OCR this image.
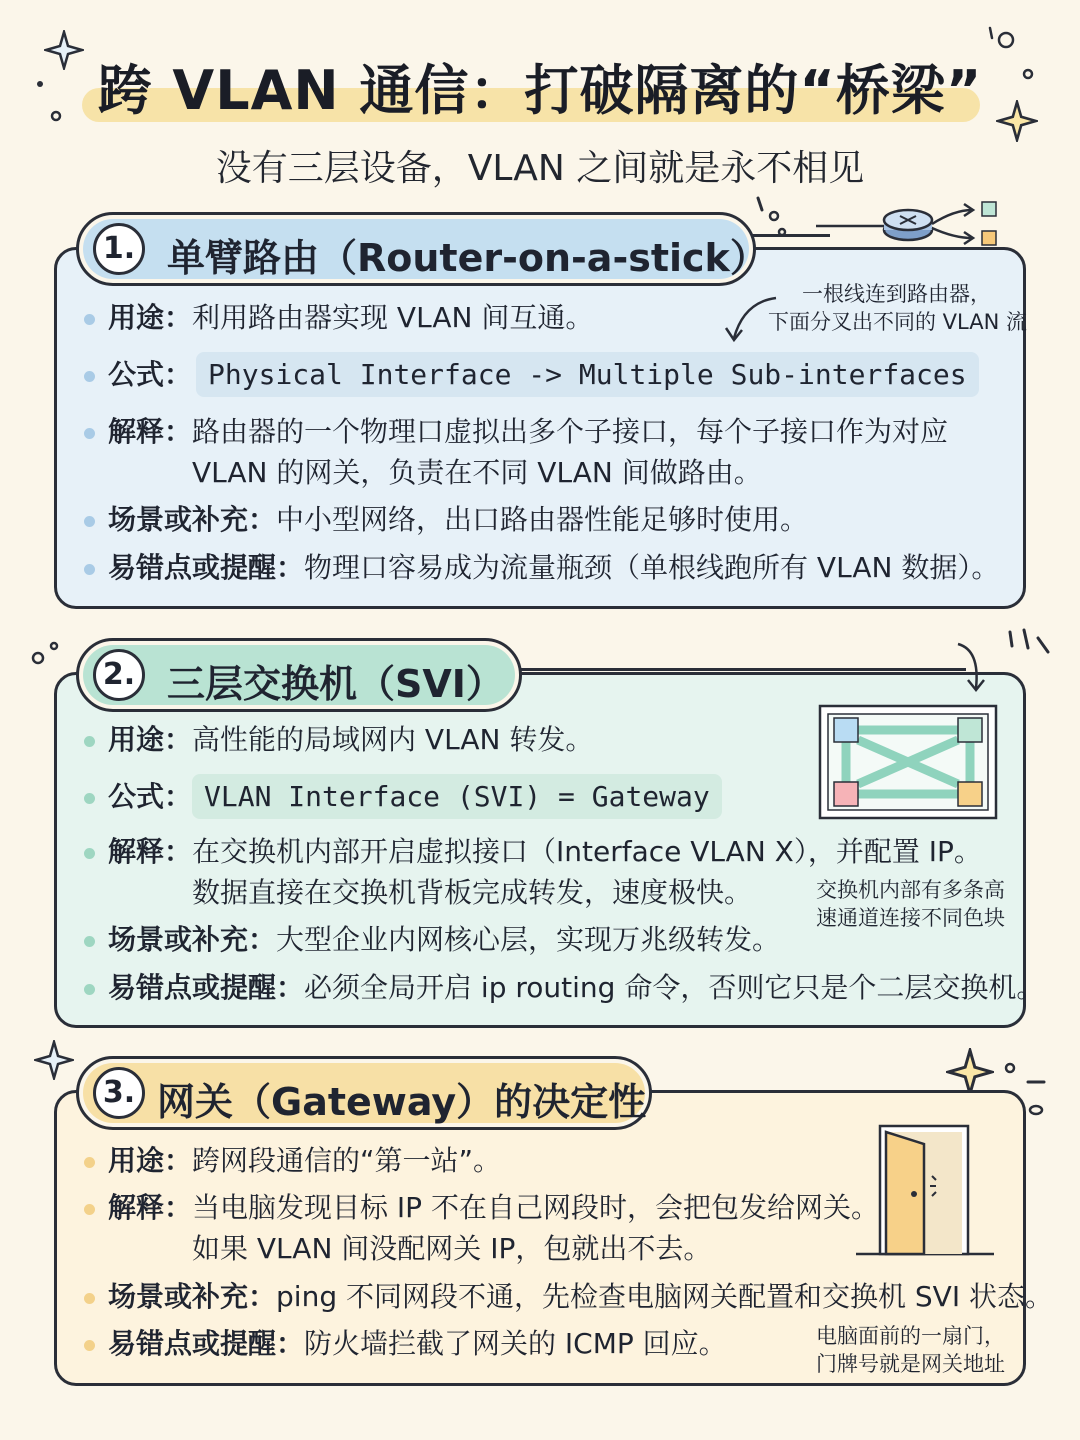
跨 VLAN 通信：打破隔离的“桥梁”
没有三层设备，VLAN 之间就是永不相见
1. 单臂路由（Router-on-a-stick）
用途：利用路由器实现 VLAN 间互通。
一根线连到路由器，
下面分叉出不同的 VLAN 流
公式： Physical Interface -> Multiple Sub-interfaces
解释：路由器的一个物理口虚拟出多个子接口，每个子接口作为对应
VLAN 的网关，负责在不同 VLAN 间做路由。
场景或补充：中小型网络，出口路由器性能足够时使用。
易错点或提醒：物理口容易成为流量瓶颈（单根线跑所有 VLAN 数据）。
2. 三层交换机（SVI）
用途：高性能的局域网内 VLAN 转发。
公式： VLAN Interface (SVI) = Gateway
解释：在交换机内部开启虚拟接口（Interface VLAN X），并配置 IP。
数据直接在交换机背板完成转发，速度极快。	交换机内部有多条高
速通道连接不同色块
场景或补充：大型企业内网核心层，实现万兆级转发。
易错点或提醒：必须全局开启 ip routing 命令，否则它只是个二层交换机。
3. 网关（Gateway）的决定性
用途：跨网段通信的“第一站”。
解释：当电脑发现目标 IP 不在自己网段时，会把包发给网关。
如果 VLAN 间没配网关 IP，包就出不去。
场景或补充：ping 不同网段不通，先检查电脑网关配置和交换机 SVI 状态。
易错点或提醒：防火墙拦截了网关的 ICMP 回应。	电脑面前的一扇门，
门牌号就是网关地址
